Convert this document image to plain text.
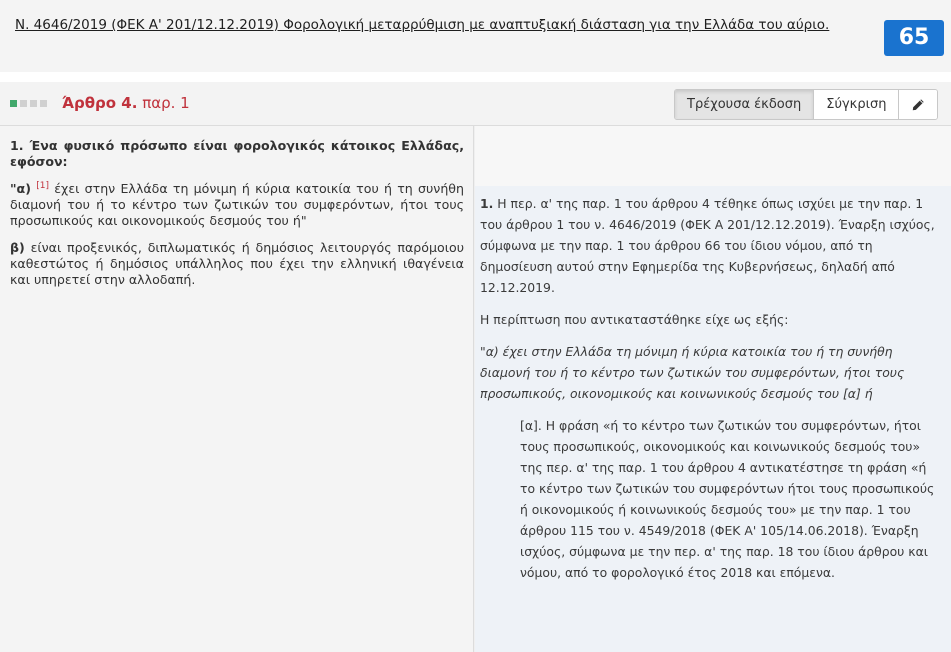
Ν. 4646/2019 (ΦΕΚ Α' 201/12.12.2019) Φορολογική μεταρρύθμιση με αναπτυξιακή διάσταση για την Ελλάδα του αύριο.	65
Άρθρο 4. παρ. 1	Τρέχουσα έκδοση	Σύγκριση

1. Ένα φυσικό πρόσωπο είναι φορολογικός κάτοικος Ελλάδας, εφόσον:

"α) [1] έχει στην Ελλάδα τη μόνιμη ή κύρια κατοικία του ή τη συνήθη διαμονή του ή το κέντρο των ζωτικών του συμφερόντων, ήτοι τους προσωπικούς και οικονομικούς δεσμούς του ή"

β) είναι προξενικός, διπλωματικός ή δημόσιος λειτουργός παρόμοιου καθεστώτος ή δημόσιος υπάλληλος που έχει την ελληνική ιθαγένεια και υπηρετεί στην αλλοδαπή.

1. Η περ. α' της παρ. 1 του άρθρου 4 τέθηκε όπως ισχύει με την παρ. 1 του άρθρου 1 του ν. 4646/2019 (ΦΕΚ Α 201/12.12.2019). Έναρξη ισχύος, σύμφωνα με την παρ. 1 του άρθρου 66 του ίδιου νόμου, από τη δημοσίευση αυτού στην Εφημερίδα της Κυβερνήσεως, δηλαδή από 12.12.2019.

Η περίπτωση που αντικαταστάθηκε είχε ως εξής:

"α) έχει στην Ελλάδα τη μόνιμη ή κύρια κατοικία του ή τη συνήθη διαμονή του ή το κέντρο των ζωτικών του συμφερόντων, ήτοι τους προσωπικούς, οικονομικούς και κοινωνικούς δεσμούς του [α] ή

[α]. Η φράση «ή το κέντρο των ζωτικών του συμφερόντων, ήτοι τους προσωπικούς, οικονομικούς και κοινωνικούς δεσμούς του» της περ. α' της παρ. 1 του άρθρου 4 αντικατέστησε τη φράση «ή το κέντρο των ζωτικών του συμφερόντων ήτοι τους προσωπικούς ή οικονομικούς ή κοινωνικούς δεσμούς του» με την παρ. 1 του άρθρου 115 του ν. 4549/2018 (ΦΕΚ Α' 105/14.06.2018). Έναρξη ισχύος, σύμφωνα με την περ. α' της παρ. 18 του ίδιου άρθρου και νόμου, από το φορολογικό έτος 2018 και επόμενα.
